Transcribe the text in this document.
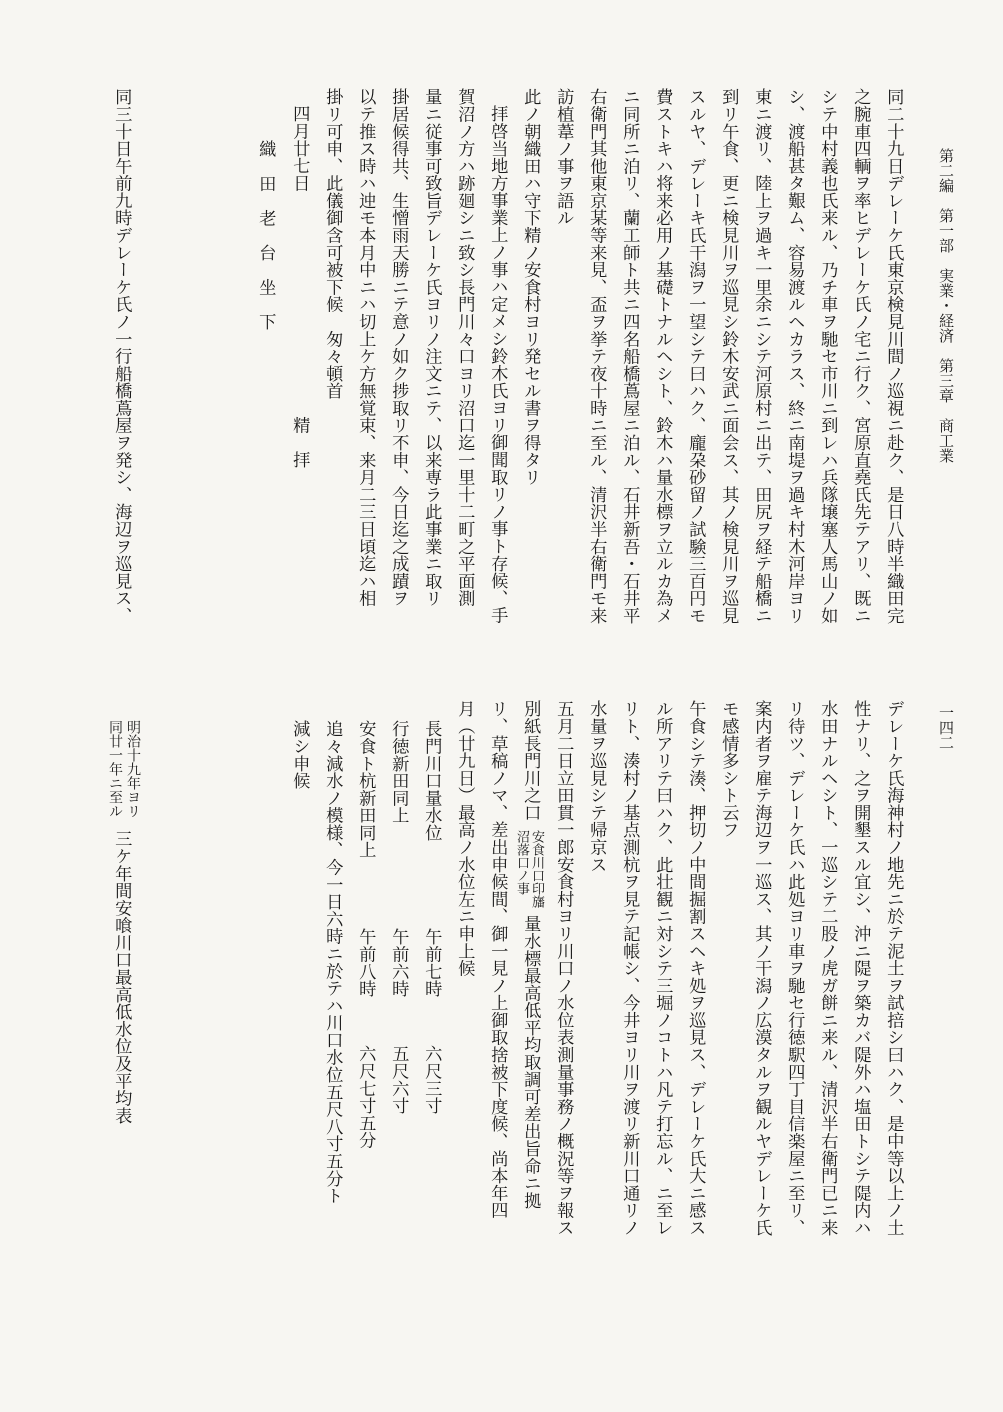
第二編　第一部　実業・経済　第三章　商工業
一四二
同二十九日デレーケ氏東京検見川間ノ巡視ニ赴ク、是日八時半織田完
之腕車四輌ヲ率ヒデレーケ氏ノ宅ニ行ク、宮原直堯氏先テアリ、既ニ
シテ中村義也氏来ル、乃チ車ヲ馳セ市川ニ到レハ兵隊壌塞人馬山ノ如
シ、渡船甚タ艱ム、容易渡ルヘカラス、終ニ南堤ヲ過キ村木河岸ヨリ
東ニ渡リ、陸上ヲ過キ一里余ニシテ河原村ニ出テ、田尻ヲ経テ船橋ニ
到リ午食、更ニ検見川ヲ巡見シ鈴木安武ニ面会ス、其ノ検見川ヲ巡見
スルヤ、デレーキ氏干潟ヲ一望シテ曰ハク、龐朶砂留ノ試験三百円モ
費ストキハ将来必用ノ基礎トナルヘシト、鈴木ハ量水標ヲ立ルカ為メ
ニ同所ニ泊リ、蘭工師ト共ニ四名船橋蔦屋ニ泊ル、石井新吾・石井平
右衛門其他東京某等来見、盃ヲ挙テ夜十時ニ至ル、清沢半右衛門モ来
訪植葦ノ事ヲ語ル
此ノ朝織田ハ守下精ノ安食村ヨリ発セル書ヲ得タリ
拝啓当地方事業上ノ事ハ定メシ鈴木氏ヨリ御聞取リノ事ト存候、手
賀沼ノ方ハ跡廻シニ致シ長門川々口ヨリ沼口迄一里十二町之平面測
量ニ従事可致旨デレーケ氏ヨリノ注文ニテ、以来専ラ此事業ニ取リ
掛居候得共、生憎雨天勝ニテ意ノ如ク捗取リ不申、今日迄之成蹟ヲ
以テ推ス時ハ迚モ本月中ニハ切上ケ方無覚束、来月二三日頃迄ハ相
掛リ可申、此儀御含可被下候　匆々頓首
四月廿七日　　　　　　　　　　　　　精　拝
織　田　老　台　坐　下
同三十日午前九時デレーケ氏ノ一行船橋蔦屋ヲ発シ、海辺ヲ巡見ス、
デレーケ氏海神村ノ地先ニ於テ泥土ヲ試掊シ曰ハク、是中等以上ノ土
性ナリ、之ヲ開墾スル宜シ、沖ニ隄ヲ築カバ隄外ハ塩田トシテ隄内ハ
水田ナルヘシト、一巡シテ二股ノ虎ガ餅ニ来ル、清沢半右衛門已ニ来
リ待ツ、デレーケ氏ハ此処ヨリ車ヲ馳セ行徳駅四丁目信楽屋ニ至リ、
案内者ヲ雇テ海辺ヲ一巡ス、其ノ干潟ノ広漠タルヲ観ルヤデレーケ氏
モ感情多シト云フ
午食シテ湊、押切ノ中間掘割スヘキ処ヲ巡見ス、デレーケ氏大ニ感ス
ル所アリテ曰ハク、此壮観ニ対シテ三堀ノコトハ凡テ打忘ル、ニ至レ
リト、湊村ノ基点測杭ヲ見テ記帳シ、今井ヨリ川ヲ渡リ新川口通リノ
水量ヲ巡見シテ帰京ス
五月二日立田貫一郎安食村ヨリ川口ノ水位表測量事務ノ概況等ヲ報ス
別紙長門川之口
安食川口印旛
沼落口ノ事
量水標最高低平均取調可差出旨命ニ拠
リ、草稿ノマ、差出申候間、御一見ノ上御取捨被下度候、尚本年四
月（廿九日）最高ノ水位左ニ申上候
長門川口量水位
午前七時
六尺三寸
行徳新田同上
午前六時
五尺六寸
安食ト杭新田同上
午前八時
六尺七寸五分
追々減水ノ模様、今一日六時ニ於テハ川口水位五尺八寸五分ト
減シ申候
明治十九年ヨリ
同廿一年ニ至ル
三ケ年間安喰川口最高低水位及平均表
